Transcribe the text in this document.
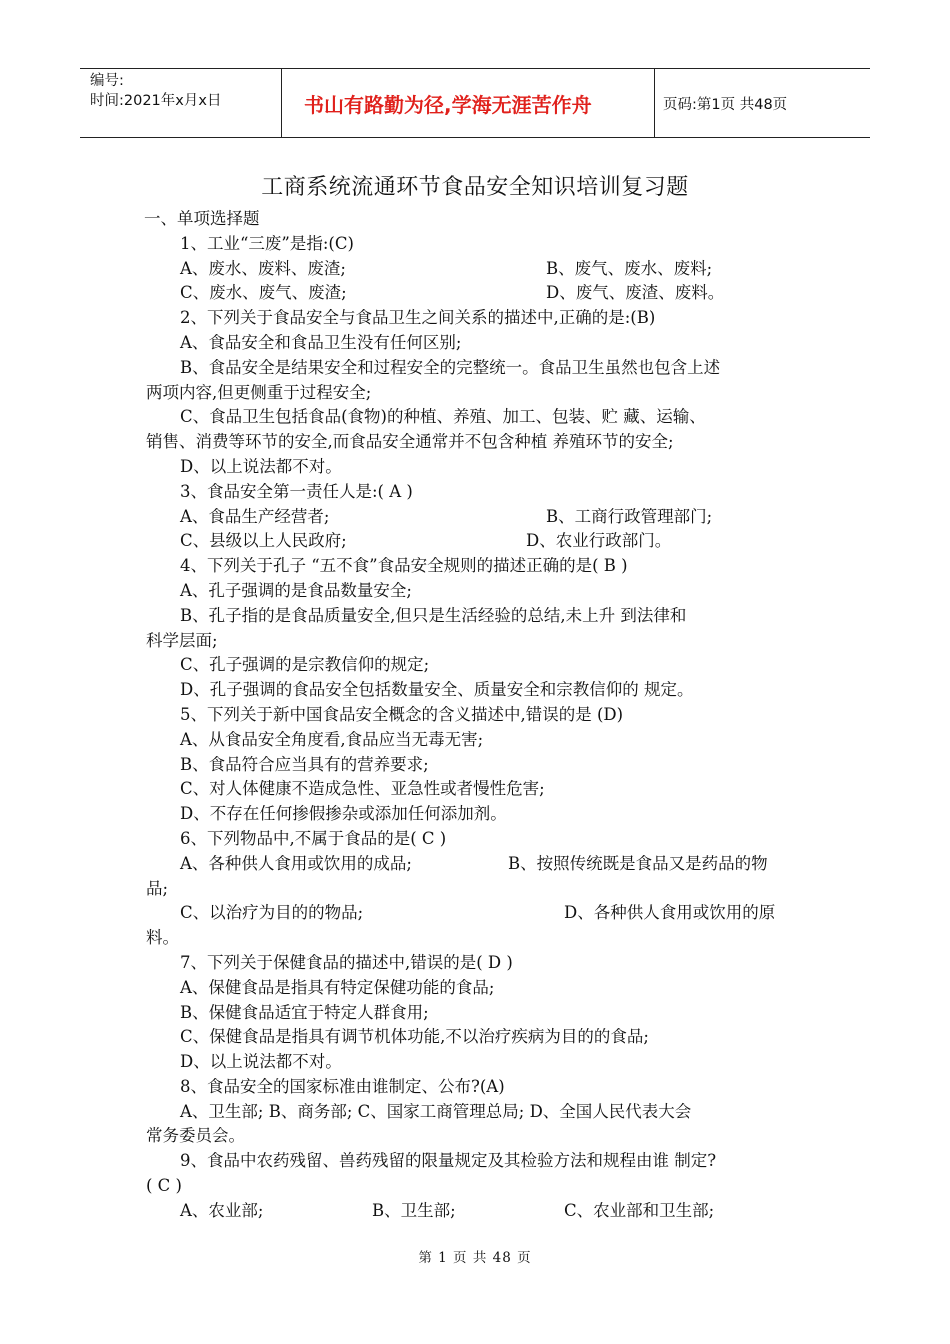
编号:
时间:2021年x月x日	书山有路勤为径,学海无涯苦作舟	页码:第1页 共48页
工商系统流通环节食品安全知识培训复习题
一、单项选择题
1、工业“三废”是指:(C)
A、废水、废料、废渣;	B、废气、废水、废料;
C、废水、废气、废渣;	D、废气、废渣、废料。
2、下列关于食品安全与食品卫生之间关系的描述中,正确的是:(B)
A、食品安全和食品卫生没有任何区别;
B、食品安全是结果安全和过程安全的完整统一。食品卫生虽然也包含上述
两项内容,但更侧重于过程安全;
C、食品卫生包括食品(食物)的种植、养殖、加工、包装、贮 藏、运输、
销售、消费等环节的安全,而食品安全通常并不包含种植 养殖环节的安全;
D、以上说法都不对。
3、食品安全第一责任人是:( A )
A、食品生产经营者;	B、工商行政管理部门;
C、县级以上人民政府;	D、农业行政部门。
4、下列关于孔子 “五不食”食品安全规则的描述正确的是( B )
A、孔子强调的是食品数量安全;
B、孔子指的是食品质量安全,但只是生活经验的总结,未上升 到法律和
科学层面;
C、孔子强调的是宗教信仰的规定;
D、孔子强调的食品安全包括数量安全、质量安全和宗教信仰的 规定。
5、下列关于新中国食品安全概念的含义描述中,错误的是 (D)
A、从食品安全角度看,食品应当无毒无害;
B、食品符合应当具有的营养要求;
C、对人体健康不造成急性、亚急性或者慢性危害;
D、不存在任何掺假掺杂或添加任何添加剂。
6、下列物品中,不属于食品的是( C )
A、各种供人食用或饮用的成品;	B、按照传统既是食品又是药品的物
品;
C、以治疗为目的的物品;	D、各种供人食用或饮用的原
料。
7、下列关于保健食品的描述中,错误的是( D )
A、保健食品是指具有特定保健功能的食品;
B、保健食品适宜于特定人群食用;
C、保健食品是指具有调节机体功能,不以治疗疾病为目的的食品;
D、以上说法都不对。
8、食品安全的国家标准由谁制定、公布?(A)
A、卫生部; B、商务部; C、国家工商管理总局; D、全国人民代表大会
常务委员会。
9、食品中农药残留、兽药残留的限量规定及其检验方法和规程由谁 制定?
( C )
A、农业部;	B、卫生部;	C、农业部和卫生部;
第 1 页 共 48 页
